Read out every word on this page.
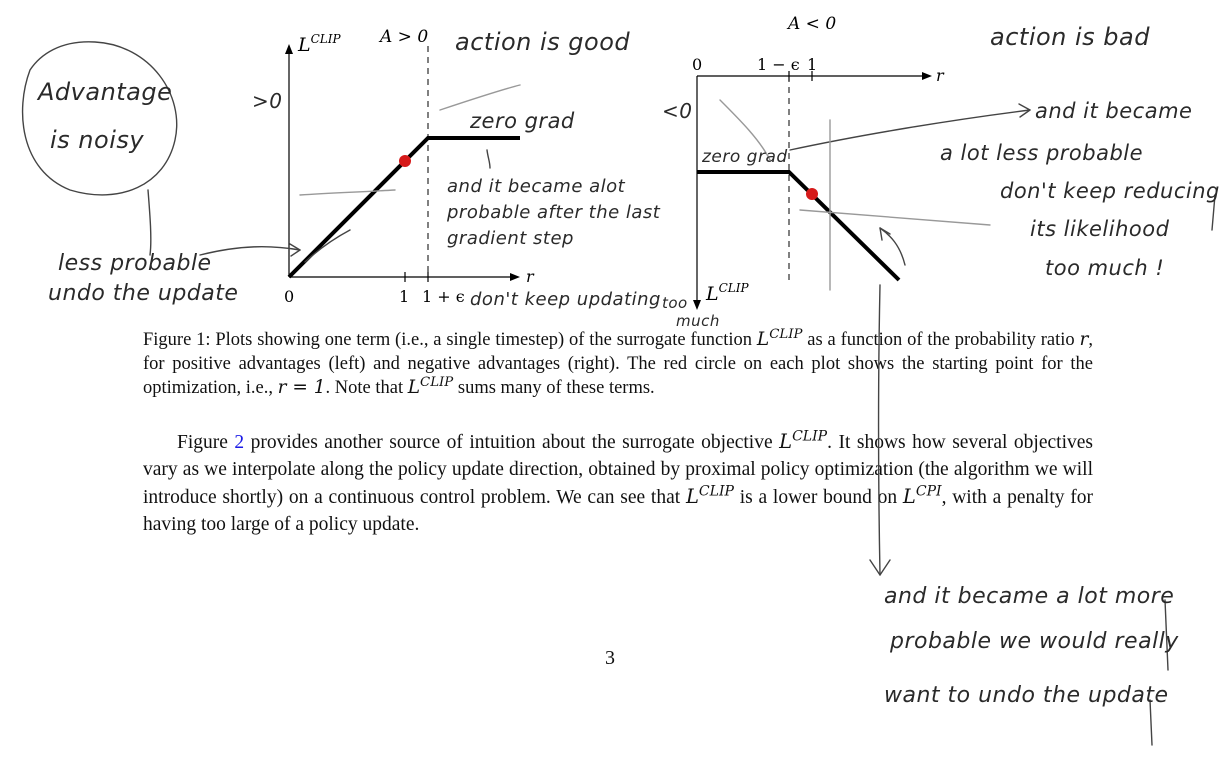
$L^{CLIP}$ A > 0
0	1 1 + ϵ
r
A < 0
0	1 − ϵ 1
r
$L^{CLIP}$
Figure 1: Plots showing one term (i.e., a single timestep) of the surrogate function $L^{CLIP}$ as a function of the probability ratio r, for positive advantages (left) and negative advantages (right). The red circle on each plot shows the starting point for the optimization, i.e., r = 1. Note that $L^{CLIP}$ sums many of these terms.
Figure 2 provides another source of intuition about the surrogate objective $L^{CLIP}$. It shows how several objectives vary as we interpolate along the policy update direction, obtained by proximal policy optimization (the algorithm we will introduce shortly) on a continuous control problem. We can see that $L^{CLIP}$ is a lower bound on $L^{CPI}$, with a penalty for having too large of a policy update.
3
Advantage
is noisy
>0	<0
action is good	action is bad
zero grad
zero grad
and it became alot
probable after the last
gradient step
don't keep updating too
much
less probable
undo the update
and it became
a lot less probable
don't keep reducing
its likelihood
too much !
and it became a lot more
probable we would really
want to undo the update
